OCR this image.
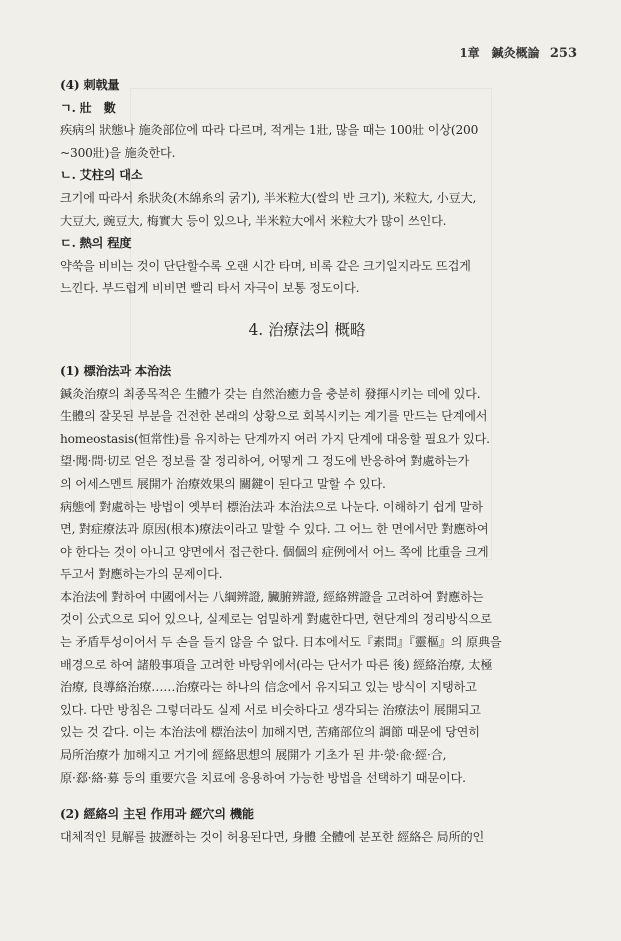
1章　鍼灸概論 253

(4) 刺戟量

ㄱ. 壯　數

疾病의 狀態나 施灸部位에 따라 다르며, 적게는 1壯, 많을 때는 100壯 이상(200

~300壯)을 施灸한다.

ㄴ. 艾柱의 대소

크기에 따라서 糸狀灸(木綿糸의 굵기), 半米粒大(쌀의 반 크기), 米粒大, 小豆大,

大豆大, 豌豆大, 梅實大 등이 있으나, 半米粒大에서 米粒大가 많이 쓰인다.

ㄷ. 熱의 程度

약쑥을 비비는 것이 단단할수록 오랜 시간 타며, 비록 같은 크기일지라도 뜨겁게

느낀다. 부드럽게 비비면 빨리 타서 자극이 보통 정도이다.

4. 治療法의 概略

(1) 標治法과 本治法

鍼灸治療의 최종목적은 生體가 갖는 自然治癒力을 충분히 發揮시키는 데에 있다.

生體의 잘못된 부분을 건전한 본래의 상황으로 회복시키는 계기를 만드는 단계에서

homeostasis(恒常性)를 유지하는 단계까지 여러 가지 단계에 대응할 필요가 있다.

望·聞·問·切로 얻은 정보를 잘 정리하여, 어떻게 그 정도에 반응하여 對處하는가

의 어세스멘트 展開가 治療效果의 關鍵이 된다고 말할 수 있다.

病態에 對處하는 방법이 옛부터 標治法과 本治法으로 나눈다. 이해하기 쉽게 말하

면, 對症療法과 原因(根本)療法이라고 말할 수 있다. 그 어느 한 면에서만 對應하여

야 한다는 것이 아니고 양면에서 접근한다. 個個의 症例에서 어느 쪽에 比重을 크게

두고서 對應하는가의 문제이다.

本治法에 對하여 中國에서는 八綱辨證, 臟腑辨證, 經絡辨證을 고려하여 對應하는

것이 公式으로 되어 있으나, 실제로는 엄밀하게 對處한다면, 현단계의 정리방식으로

는 矛盾투성이어서 두 손을 들지 않을 수 없다. 日本에서도『素問』『靈樞』의 原典을

배경으로 하여 諸般事項을 고려한 바탕위에서(라는 단서가 따른 後) 經絡治療, 太極

治療, 良導絡治療……治療라는 하나의 信念에서 유지되고 있는 방식이 지탱하고

있다. 다만 방침은 그렇더라도 실제 서로 비슷하다고 생각되는 治療法이 展開되고

있는 것 같다. 이는 本治法에 標治法이 加해지면, 苦痛部位의 調節 때문에 당연히

局所治療가 加해지고 거기에 經絡思想의 展開가 기초가 된 井·滎·兪·經·合,

原·郄·絡·募 등의 重要穴을 치료에 응용하여 가능한 방법을 선택하기 때문이다.

(2) 經絡의 主된 作用과 經穴의 機能

대체적인 見解를 披瀝하는 것이 허용된다면, 身體 全體에 분포한 經絡은 局所的인
